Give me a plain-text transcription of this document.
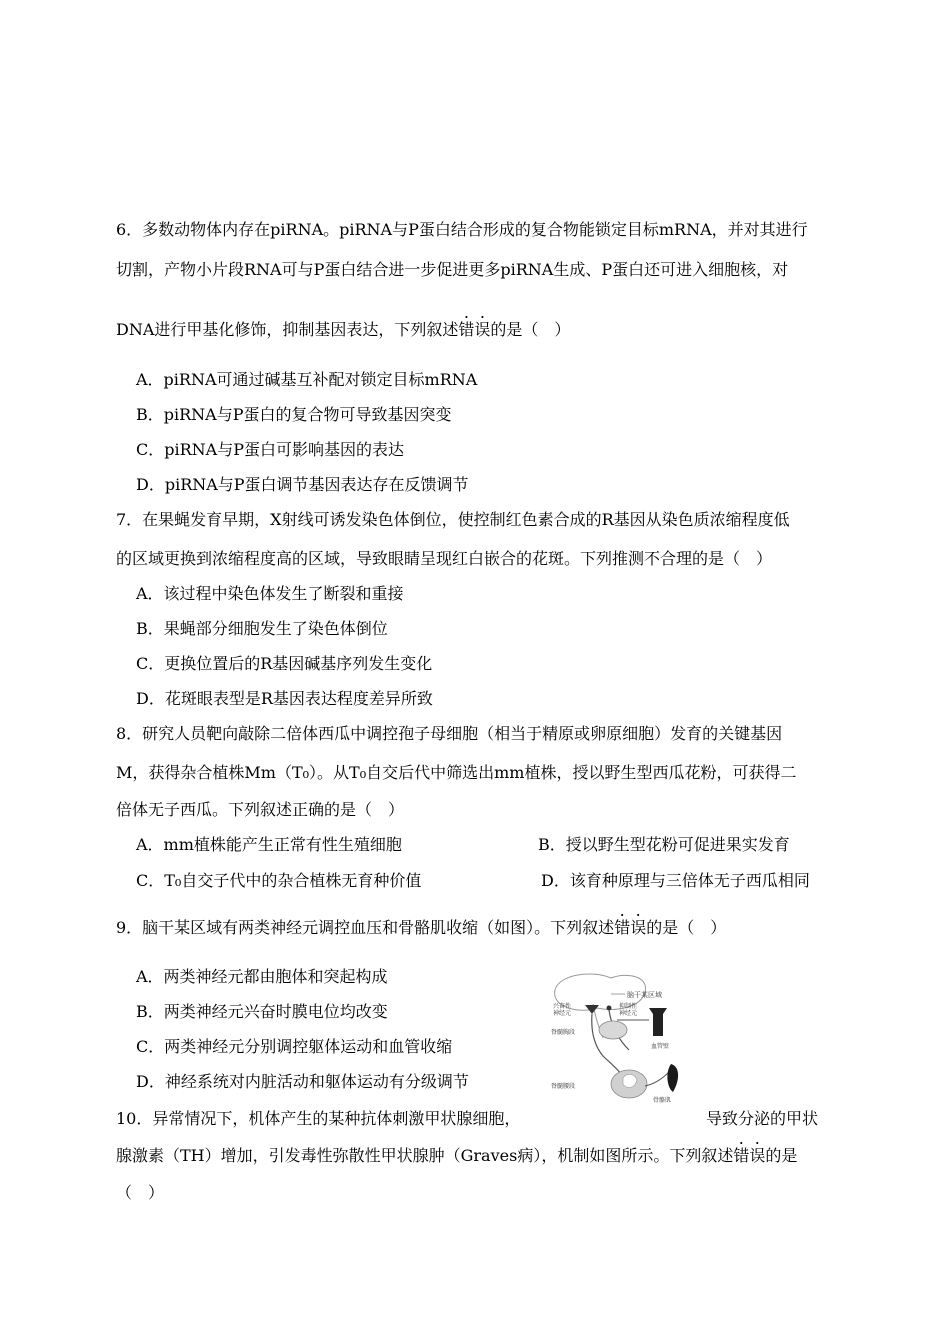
6．多数动物体内存在piRNA。piRNA与P蛋白结合形成的复合物能锁定目标mRNA，并对其进行
切割，产物小片段RNA可与P蛋白结合进一步促进更多piRNA生成、P蛋白还可进入细胞核，对
DNA进行甲基化修饰，抑制基因表达，下列叙述错误的是（　）
A．piRNA可通过碱基互补配对锁定目标mRNA
B．piRNA与P蛋白的复合物可导致基因突变
C．piRNA与P蛋白可影响基因的表达
D．piRNA与P蛋白调节基因表达存在反馈调节
7．在果蝇发育早期，X射线可诱发染色体倒位，使控制红色素合成的R基因从染色质浓缩程度低
的区域更换到浓缩程度高的区域，导致眼睛呈现红白嵌合的花斑。下列推测不合理的是（　）
A．该过程中染色体发生了断裂和重接
B．果蝇部分细胞发生了染色体倒位
C．更换位置后的R基因碱基序列发生变化
D．花斑眼表型是R基因表达程度差异所致
8．研究人员靶向敲除二倍体西瓜中调控孢子母细胞（相当于精原或卵原细胞）发育的关键基因
M，获得杂合植株Mm（T₀）。从T₀自交后代中筛选出mm植株，授以野生型西瓜花粉，可获得二
倍体无子西瓜。下列叙述正确的是（　）
A．mm植株能产生正常有性生殖细胞	B．授以野生型花粉可促进果实发育
C．T₀自交子代中的杂合植株无育种价值	D．该育种原理与三倍体无子西瓜相同
9．脑干某区域有两类神经元调控血压和骨骼肌收缩（如图）。下列叙述错误的是（　）
A．两类神经元都由胞体和突起构成
B．两类神经元兴奋时膜电位均改变
C．两类神经元分别调控躯体运动和血管收缩
D．神经系统对内脏活动和躯体运动有分级调节
脑干某区域
兴奋性
神经元
抑制性
神经元
脊髓胸段
血管壁
脊髓腰段
骨骼肌
10．异常情况下，机体产生的某种抗体刺激甲状腺细胞，	导致分泌的甲状
腺激素（TH）增加，引发毒性弥散性甲状腺肿（Graves病），机制如图所示。下列叙述错误的是
（　）
